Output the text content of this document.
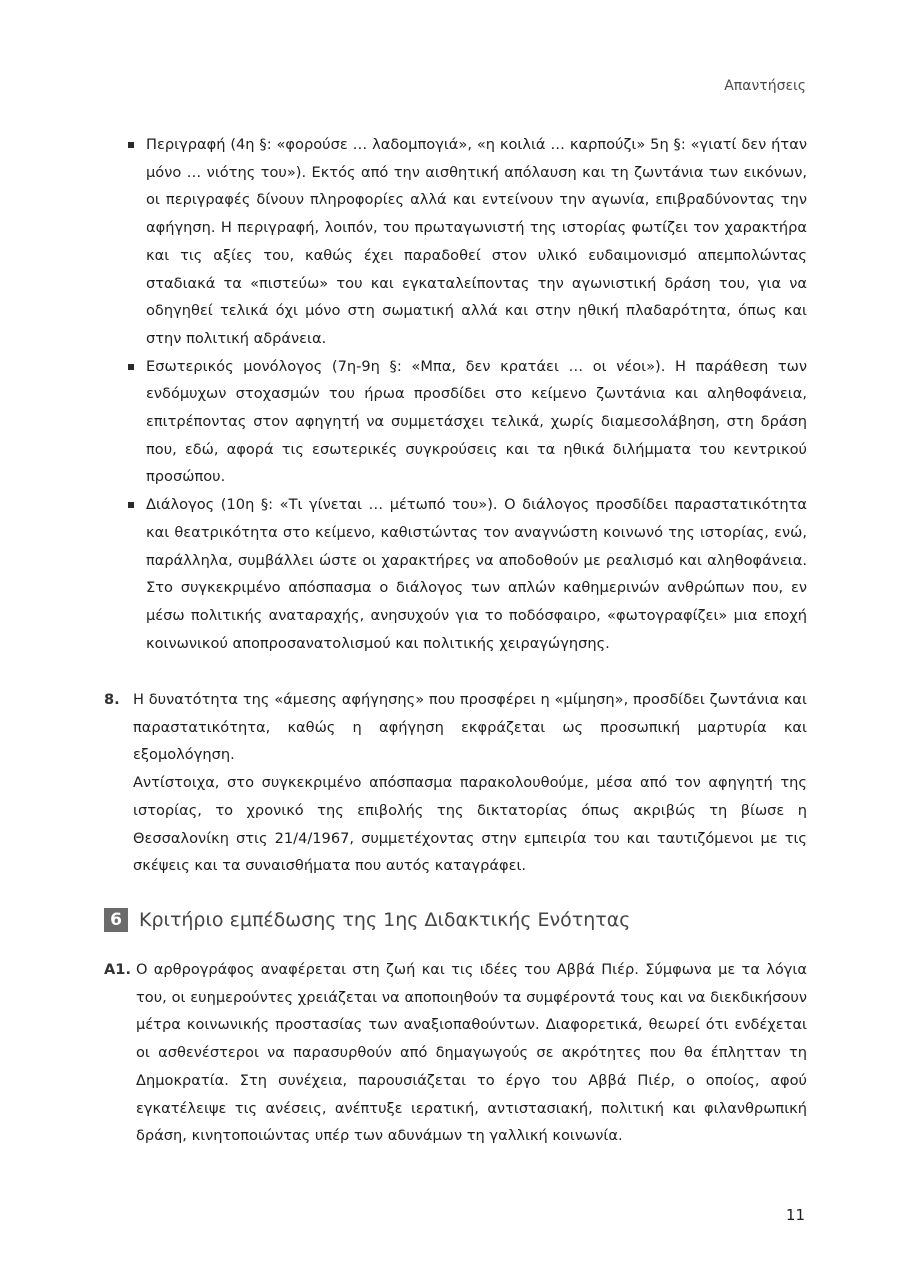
Απαντήσεις
Περιγραφή (4η §: «φορούσε … λαδομπογιά», «η κοιλιά … καρπούζι» 5η §: «γιατί δεν ήταν μόνο … νιότης του»). Εκτός από την αισθητική απόλαυση και τη ζωντάνια των εικόνων, οι περιγραφές δίνουν πληροφορίες αλλά και εντείνουν την αγωνία, επιβραδύνοντας την αφήγηση. Η περιγραφή, λοιπόν, του πρωταγωνιστή της ιστορίας φωτίζει τον χαρακτήρα και τις αξίες του, καθώς έχει παραδοθεί στον υλικό ευδαιμονισμό απεμπολώντας σταδιακά τα «πιστεύω» του και εγκαταλείποντας την αγωνιστική δράση του, για να οδηγηθεί τελικά όχι μόνο στη σωματική αλλά και στην ηθική πλαδαρότητα, όπως και στην πολιτική αδράνεια.
Εσωτερικός μονόλογος (7η-9η §: «Μπα, δεν κρατάει … οι νέοι»). Η παράθεση των ενδόμυχων στοχασμών του ήρωα προσδίδει στο κείμενο ζωντάνια και αληθοφάνεια, επιτρέποντας στον αφηγητή να συμμετάσχει τελικά, χωρίς διαμεσολάβηση, στη δράση που, εδώ, αφορά τις εσωτερικές συγκρούσεις και τα ηθικά διλήμματα του κεντρικού προσώπου.
Διάλογος (10η §: «Τι γίνεται … μέτωπό του»). Ο διάλογος προσδίδει παραστατικότητα και θεατρικότητα στο κείμενο, καθιστώντας τον αναγνώστη κοινωνό της ιστορίας, ενώ, παράλληλα, συμβάλλει ώστε οι χαρακτήρες να αποδοθούν με ρεαλισμό και αληθοφάνεια. Στο συγκεκριμένο απόσπασμα ο διάλογος των απλών καθημερινών ανθρώπων που, εν μέσω πολιτικής αναταραχής, ανησυχούν για το ποδόσφαιρο, «φωτογραφίζει» μια εποχή κοινωνικού αποπροσανατολισμού και πολιτικής χειραγώγησης.
8. Η δυνατότητα της «άμεσης αφήγησης» που προσφέρει η «μίμηση», προσδίδει ζωντάνια και παραστατικότητα, καθώς η αφήγηση εκφράζεται ως προσωπική μαρτυρία και εξομολόγηση.

Αντίστοιχα, στο συγκεκριμένο απόσπασμα παρακολουθούμε, μέσα από τον αφηγητή της ιστορίας, το χρονικό της επιβολής της δικτατορίας όπως ακριβώς τη βίωσε η Θεσσαλονίκη στις 21/4/1967, συμμετέχοντας στην εμπειρία του και ταυτιζόμενοι με τις σκέψεις και τα συναισθήματα που αυτός καταγράφει.

6 Κριτήριο εμπέδωσης της 1ης Διδακτικής Ενότητας
A1. Ο αρθρογράφος αναφέρεται στη ζωή και τις ιδέες του Αββά Πιέρ. Σύμφωνα με τα λόγια του, οι ευημερούντες χρειάζεται να αποποιηθούν τα συμφέροντά τους και να διεκδικήσουν μέτρα κοινωνικής προστασίας των αναξιοπαθούντων. Διαφορετικά, θεωρεί ότι ενδέχεται οι ασθενέστεροι να παρασυρθούν από δημαγωγούς σε ακρότητες που θα έπλητταν τη Δημοκρατία. Στη συνέχεια, παρουσιάζεται το έργο του Αββά Πιέρ, ο οποίος, αφού εγκατέλειψε τις ανέσεις, ανέπτυξε ιερατική, αντιστασιακή, πολιτική και φιλανθρωπική δράση, κινητοποιώντας υπέρ των αδυνάμων τη γαλλική κοινωνία.
11
